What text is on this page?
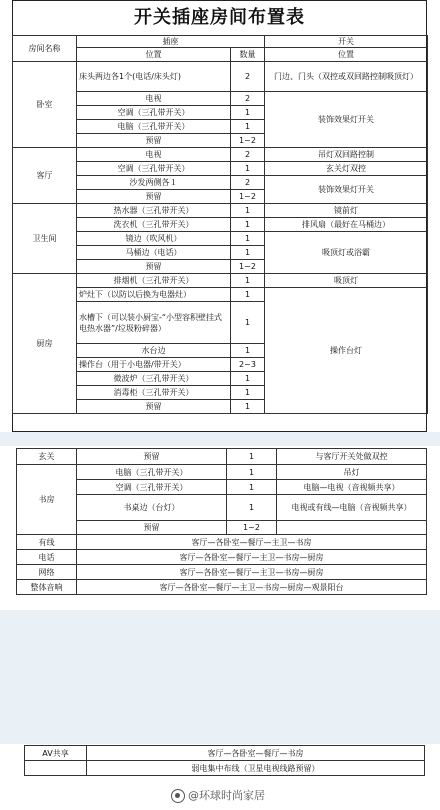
开关插座房间布置表
房间名称	插座		开关
	位置	数量	位置
卧室	床头两边各1个(电话/床头灯)	2	门边、门头（双控或双回路控制吸顶灯）
	电视	2	装饰效果灯开关
	空调（三孔带开关）	1	
	电脑（三孔带开关）	1	
	预留	1~2	
客厅	电视	2	吊灯双回路控制
	空调（三孔带开关）	1	玄关灯双控
	沙发两侧各１	2	装饰效果灯开关
	预留	1~2	
卫生间	热水器（三孔带开关）	1	镜前灯
	洗衣机（三孔带开关）	1	排风扇（最好在马桶边）
	镜边（吹风机）	1	吸顶灯或浴霸
	马桶边（电话）	1	
	预留	1~2	
厨房	排烟机（三孔带开关）	1	吸顶灯
	炉灶下（以防以后换为电器灶）	1	操作台灯
	水槽下（可以装小厨宝-“小型容积壁挂式电热水器”/垃圾粉碎器）	1	
	水台边	1	
	操作台（用于小电器/带开关）	2~3	
	微波炉（三孔带开关）	1	
	消毒柜（三孔带开关）	1	
	预留	1	
玄关	预留	1	与客厅开关处做双控
书房	电脑（三孔带开关）	1	吊灯
	空调（三孔带开关）	1	电脑—电视（音视频共享）
	书桌边（台灯）	1	电视或有线—电脑（音视频共享）
	预留	1~2	
有线	客厅—各卧室—餐厅—主卫—书房		
电话	客厅—各卧室—餐厅—主卫—书房—厨房		
网络	客厅—各卧室—餐厅—主卫—书房—厨房		
整体音响	客厅—各卧室—餐厅—主卫—书房—厨房—观景阳台		
AV共享	客厅—各卧室—餐厅—书房
	弱电集中布线（卫星电视线路预留）
@环球时尚家居
